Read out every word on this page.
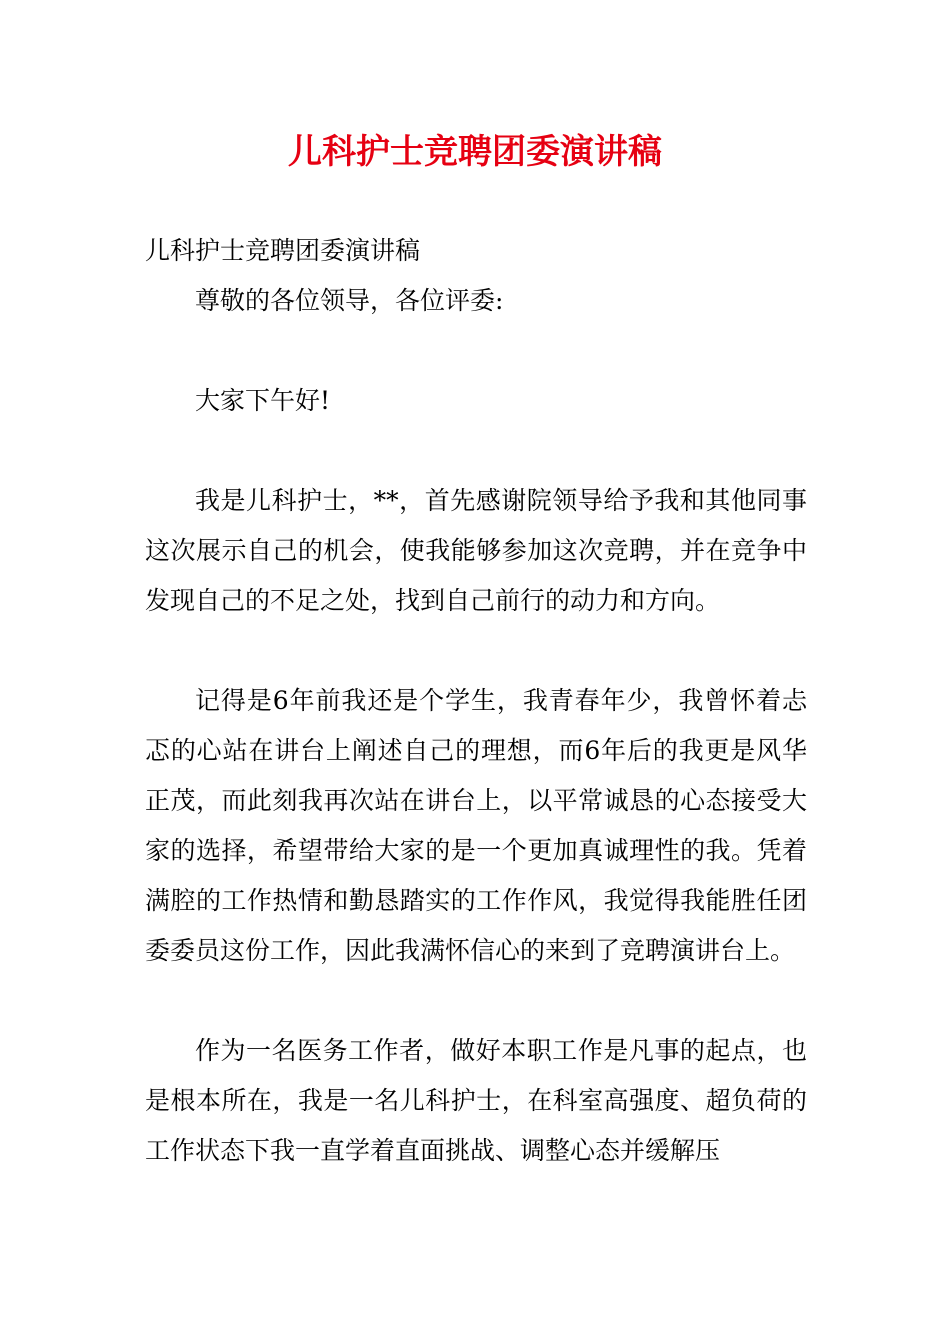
儿科护士竞聘团委演讲稿

儿科护士竞聘团委演讲稿

尊敬的各位领导，各位评委:

大家下午好!

我是儿科护士，**，首先感谢院领导给予我和其他同事这次展示自己的机会，使我能够参加这次竞聘，并在竞争中发现自己的不足之处，找到自己前行的动力和方向。

记得是6年前我还是个学生，我青春年少，我曾怀着忐忑的心站在讲台上阐述自己的理想，而6年后的我更是风华正茂，而此刻我再次站在讲台上，以平常诚恳的心态接受大家的选择，希望带给大家的是一个更加真诚理性的我。凭着满腔的工作热情和勤恳踏实的工作作风，我觉得我能胜任团委委员这份工作，因此我满怀信心的来到了竞聘演讲台上。

作为一名医务工作者，做好本职工作是凡事的起点，也是根本所在，我是一名儿科护士，在科室高强度、超负荷的工作状态下我一直学着直面挑战、调整心态并缓解压
